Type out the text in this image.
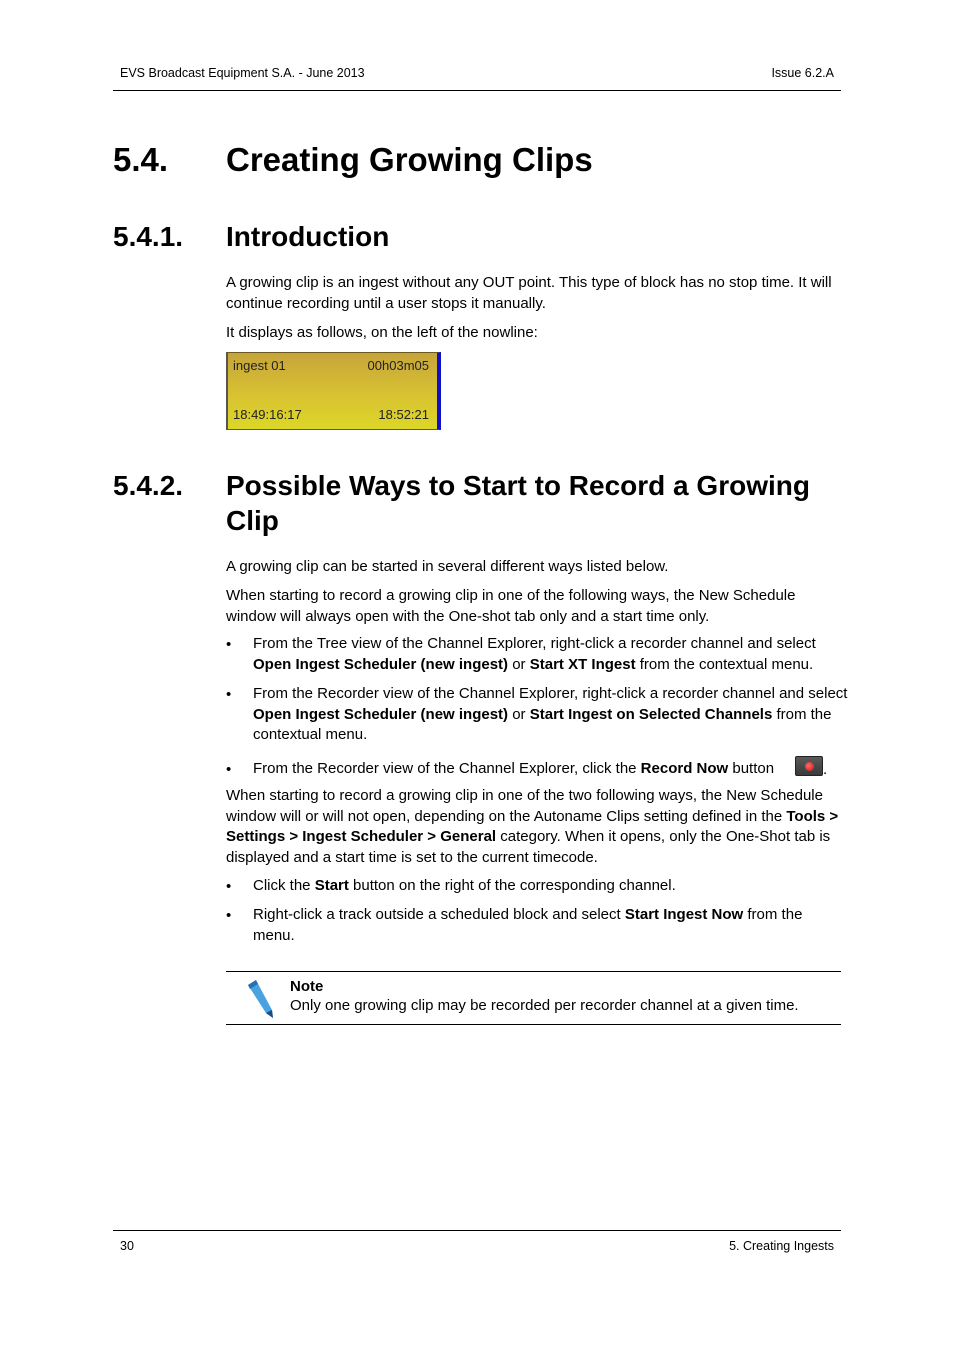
EVS Broadcast Equipment S.A. - June 2013	Issue 6.2.A
5.4. Creating Growing Clips
5.4.1. Introduction
A growing clip is an ingest without any OUT point. This type of block has no stop time. It will continue recording until a user stops it manually.
It displays as follows, on the left of the nowline:
ingest 01	00h03m05
18:49:16:17	18:52:21
5.4.2. Possible Ways to Start to Record a Growing Clip
A growing clip can be started in several different ways listed below.
When starting to record a growing clip in one of the following ways, the New Schedule window will always open with the One-shot tab only and a start time only.
• From the Tree view of the Channel Explorer, right-click a recorder channel and select Open Ingest Scheduler (new ingest) or Start XT Ingest from the contextual menu.
• From the Recorder view of the Channel Explorer, right-click a recorder channel and select Open Ingest Scheduler (new ingest) or Start Ingest on Selected Channels from the contextual menu.
• From the Recorder view of the Channel Explorer, click the Record Now button	.
When starting to record a growing clip in one of the two following ways, the New Schedule window will or will not open, depending on the Autoname Clips setting defined in the Tools > Settings > Ingest Scheduler > General category. When it opens, only the One-Shot tab is displayed and a start time is set to the current timecode.
• Click the Start button on the right of the corresponding channel.
• Right-click a track outside a scheduled block and select Start Ingest Now from the menu.
Note
Only one growing clip may be recorded per recorder channel at a given time.
30	5. Creating Ingests
